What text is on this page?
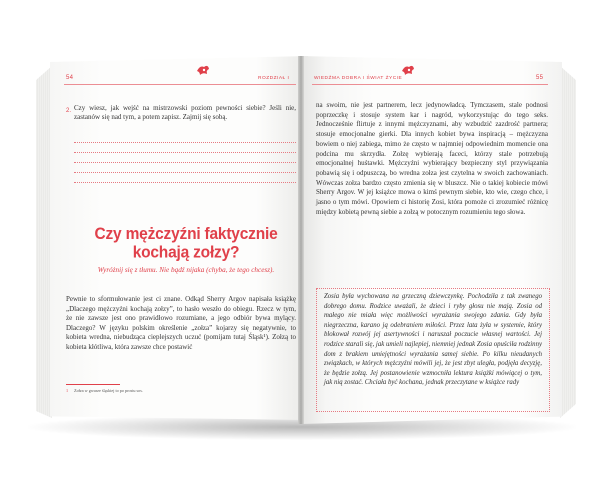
54	ROZDZIAŁ I
2. Czy wiesz, jak wejść na mistrzowski poziom pewności siebie? Jeśli nie, zastanów się nad tym, a potem zapisz. Zajmij się sobą.
Czy mężczyźni faktycznie kochają zołzy?
Wyróżnij się z tłumu. Nie bądź nijaka (chyba, że tego chcesz).
Pewnie to sformułowanie jest ci znane. Odkąd Sherry Argov napisała książkę „Dlaczego mężczyźni kochają zołzy”, to hasło weszło do obiegu. Rzecz w tym, że nie zawsze jest ono prawidłowo rozumiane, a jego odbiór bywa mylący. Dlaczego? W języku polskim określenie „zołza” kojarzy się negatywnie, to kobieta wredna, niebudząca cieplejszych uczuć (pomijam tutaj Śląsk¹). Zołzą to kobieta kłótliwa, która zawsze chce postawić
1 Zołza w gwarze śląskiej to po prostu sos.
WIEDŹMA DOBRA I ŚWIAT ŻYCIE	55
na swoim, nie jest partnerem, lecz jedynowładcą. Tymczasem, stale podnosi poprzeczkę i stosuje system kar i nagród, wykorzystując do tego seks. Jednocześnie flirtuje z innymi mężczyznami, aby wzbudzić zazdrość partnera; stosuje emocjonalne gierki. Dla innych kobiet bywa inspiracją – mężczyzna bowiem o niej zabiega, mimo że często w najmniej odpowiednim momencie ona podcina mu skrzydła. Zołzę wybierają faceci, którzy stale potrzebują emocjonalnej huśtawki. Mężczyźni wybierający bezpieczny styl przywiązania pobawią się i odpuszczą, bo wredna zołza jest czytelna w swoich zachowaniach. Wówczas zołza bardzo często zmienia się w bluszcz. Nie o takiej kobiecie mówi Sherry Argov. W jej książce mowa o kimś pewnym siebie, kto wie, czego chce, i jasno o tym mówi. Opowiem ci historię Zosi, która pomoże ci zrozumieć różnicę między kobietą pewną siebie a zołzą w potocznym rozumieniu tego słowa.
Zosia była wychowana na grzeczną dziewczynkę. Pochodziła z tak zwanego dobrego domu. Rodzice uważali, że dzieci i ryby głosu nie mają. Zosia od małego nie miała więc możliwości wyrażania swojego zdania. Gdy była niegrzeczna, karano ją odebraniem miłości. Przez lata żyła w systemie, który blokował rozwój jej asertywności i naruszał poczucie własnej wartości. Jej rodzice starali się, jak umieli najlepiej, niemniej jednak Zosia opuściła rodzinny dom z brakiem umiejętności wyrażania samej siebie. Po kilku nieudanych związkach, w których mężczyźni mówili jej, że jest zbyt uległa, podjęła decyzję, że będzie zołzą. Jej postanowienie wzmocniła lektura książki mówiącej o tym, jak nią zostać. Chciała być kochana, jednak przeczytane w książce rady
